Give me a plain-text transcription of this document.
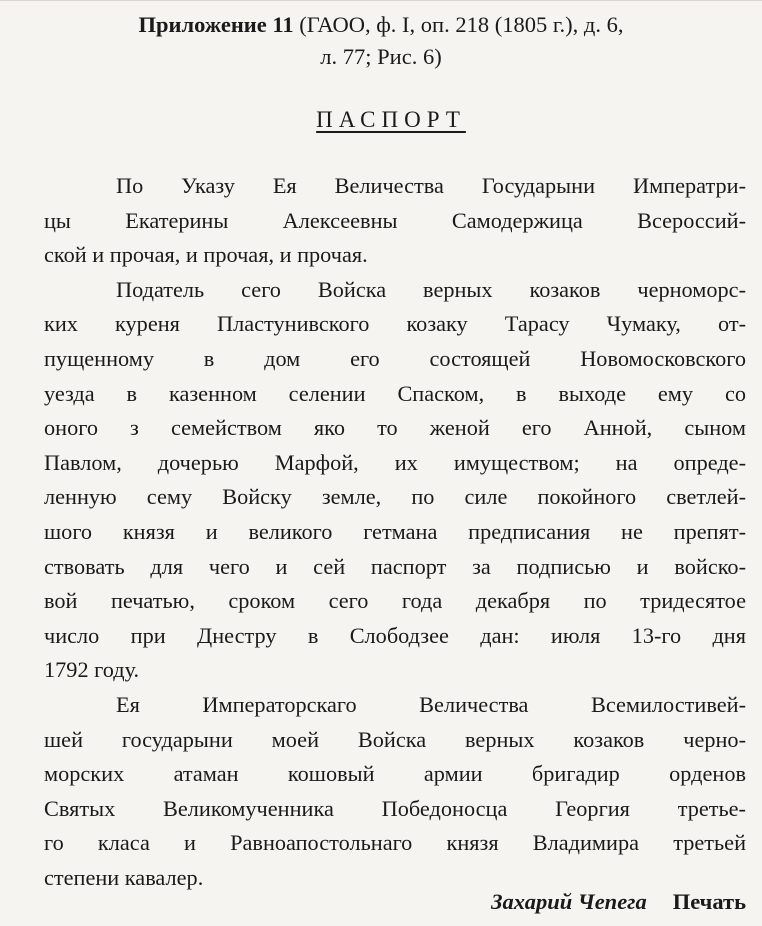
Приложение 11 (ГАОО, ф. I, оп. 218 (1805 г.), д. 6,
л. 77; Рис. 6)
ПАСПОРТ
По Указу Ея Величества Государыни Императри-
цы Екатерины Алексеевны Самодержица Всероссий-
ской и прочая, и прочая, и прочая.
Податель сего Войска верных козаков черноморс-
ких куреня Пластунивского козаку Тарасу Чумаку, от-
пущенному в дом его состоящей Новомосковского
уезда в казенном селении Спаском, в выходе ему со
оного з семейством яко то женой его Анной, сыном
Павлом, дочерью Марфой, их имуществом; на опреде-
ленную сему Войску земле, по силе покойного светлей-
шого князя и великого гетмана предписания не препят-
ствовать для чего и сей паспорт за подписью и войско-
вой печатью, сроком сего года декабря по тридесятое
число при Днестру в Слободзее дан: июля 13-го дня
1792 году.
Ея Императорскаго Величества Всемилостивей-
шей государыни моей Войска верных козаков черно-
морских атаман кошовый армии бригадир орденов
Святых Великомученника Победоносца Георгия третье-
го класа и Равноапостольнаго князя Владимира третьей
степени кавалер.
Захарий Чепега Печать
